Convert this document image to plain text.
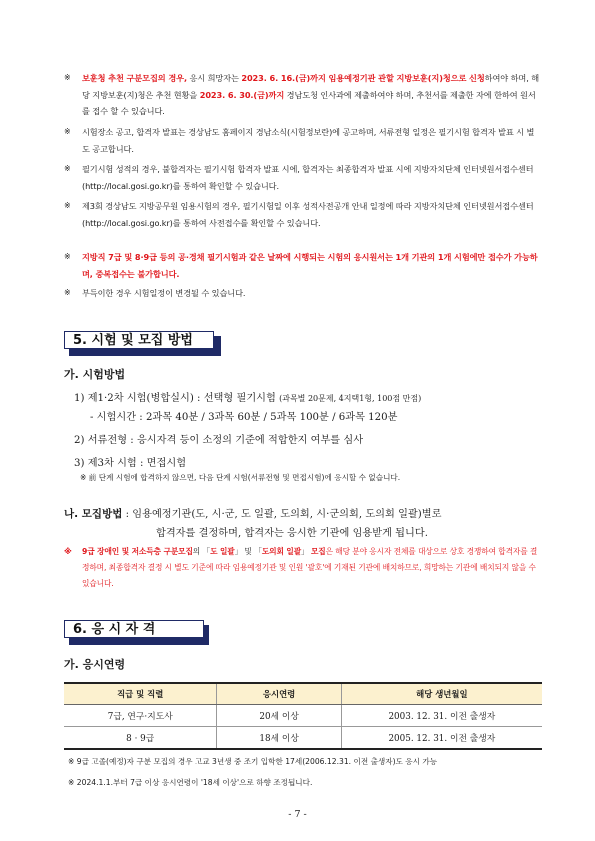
※	보훈청 추천 구분모집의 경우, 응시 희망자는 2023. 6. 16.(금)까지 임용예정기관 관할 지방보훈(지)청으로 신청하여야 하며, 해당 지방보훈(지)청은 추천 현황을 2023. 6. 30.(금)까지 경남도청 인사과에 제출하여야 하며, 추천서를 제출한 자에 한하여 원서를 접수 할 수 있습니다.
※	시험장소 공고, 합격자 발표는 경상남도 홈페이지 경남소식(시험정보란)에 공고하며, 서류전형 일정은 필기시험 합격자 발표 시 별도 공고합니다.
※	필기시험 성적의 경우, 불합격자는 필기시험 합격자 발표 시에, 합격자는 최종합격자 발표 시에 지방자치단체 인터넷원서접수센터(http://local.gosi.go.kr)를 통하여 확인할 수 있습니다.
※	제3회 경상남도 지방공무원 임용시험의 경우, 필기시험일 이후 성적사전공개 안내 일정에 따라 지방자치단체 인터넷원서접수센터(http://local.gosi.go.kr)를 통하여 사전접수를 확인할 수 있습니다.
※	지방직 7급 및 8·9급 등의 공·경채 필기시험과 같은 날짜에 시행되는 시험의 응시원서는 1개 기관의 1개 시험에만 접수가 가능하며, 중복접수는 불가합니다.
※	부득이한 경우 시험일정이 변경될 수 있습니다.
5. 시험 및 모집 방법
가. 시험방법
1) 제1·2차 시험(병합실시) : 선택형 필기시험 (과목별 20문제, 4지택1형, 100점 만점)
- 시험시간 : 2과목 40분 / 3과목 60분 / 5과목 100분 / 6과목 120분
2) 서류전형 : 응시자격 등이 소정의 기준에 적합한지 여부를 심사
3) 제3차 시험 : 면접시험
※ 前 단계 시험에 합격하지 않으면, 다음 단계 시험(서류전형 및 면접시험)에 응시할 수 없습니다.
나. 모집방법 : 임용예정기관(도, 시·군, 도 일괄, 도의회, 시·군의회, 도의회 일괄)별로
합격자를 결정하며, 합격자는 응시한 기관에 임용받게 됩니다.
※	9급 장애인 및 저소득층 구분모집의 「도 일괄」 및 「도의회 일괄」 모집은 해당 분야 응시자 전체를 대상으로 상호 경쟁하여 합격자를 결정하며, 최종합격자 결정 시 별도 기준에 따라 임용예정기관 및 인원 '괄호'에 기재된 기관에 배치하므로, 희망하는 기관에 배치되지 않을 수 있습니다.
6. 응 시 자 격
가. 응시연령
직급 및 직렬	응시연령	해당 생년월일
7급, 연구·지도사	20세 이상	2003. 12. 31. 이전 출생자
8 · 9급	18세 이상	2005. 12. 31. 이전 출생자
※ 9급 고졸(예정)자 구분 모집의 경우 고교 3년생 중 조기 입학한 17세(2006.12.31. 이전 출생자)도 응시 가능
※ 2024.1.1.부터 7급 이상 응시연령이 '18세 이상'으로 하향 조정됩니다.
- 7 -
